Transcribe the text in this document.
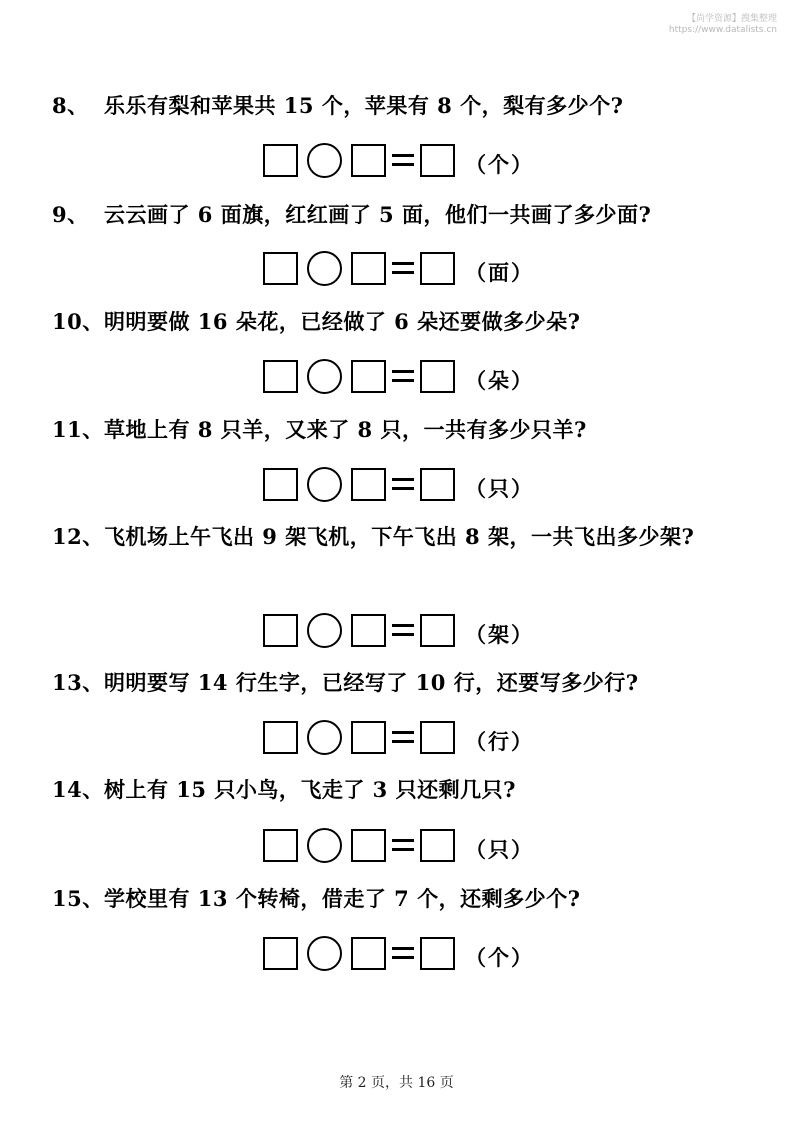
【尚学资源】搜集整理
https://www.datalists.cn

8、 乐乐有梨和苹果共 15 个，苹果有 8 个，梨有多少个?

（个）

9、 云云画了 6 面旗，红红画了 5 面，他们一共画了多少面?

（面）

10、明明要做 16 朵花，已经做了 6 朵还要做多少朵?

（朵）

11、草地上有 8 只羊，又来了 8 只，一共有多少只羊?

（只）

12、飞机场上午飞出 9 架飞机，下午飞出 8 架，一共飞出多少架?

（架）

13、明明要写 14 行生字，已经写了 10 行，还要写多少行?

（行）

14、树上有 15 只小鸟，飞走了 3 只还剩几只?

（只）

15、学校里有 13 个转椅，借走了 7 个，还剩多少个?

（个）
第 2 页，共 16 页
